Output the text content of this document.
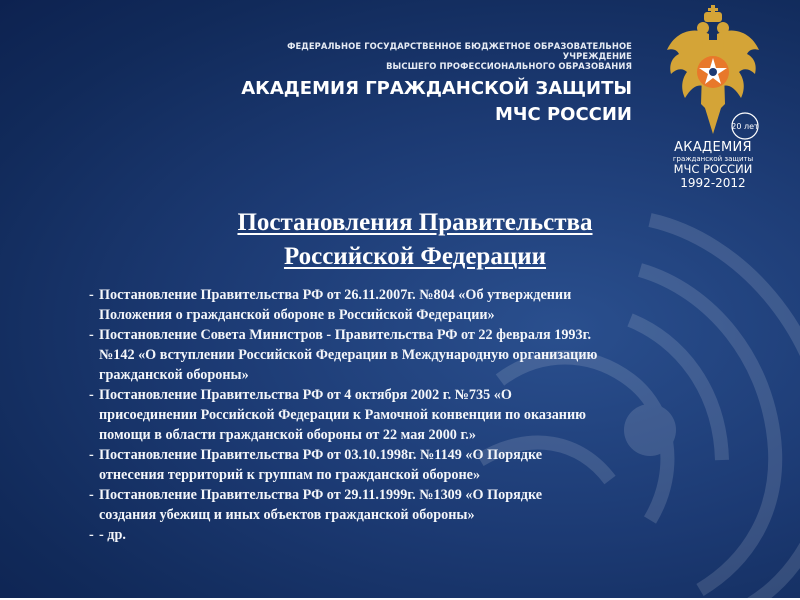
ФЕДЕРАЛЬНОЕ ГОСУДАРСТВЕННОЕ БЮДЖЕТНОЕ ОБРАЗОВАТЕЛЬНОЕ УЧРЕЖДЕНИЕ
ВЫСШЕГО ПРОФЕССИОНАЛЬНОГО ОБРАЗОВАНИЯ
АКАДЕМИЯ ГРАЖДАНСКОЙ ЗАЩИТЫ
МЧС РОССИИ
20 лет
АКАДЕМИЯ
гражданской защиты
МЧС РОССИИ
1992-2012
Постановления Правительства
Российской Федерации
- Постановление Правительства РФ от 26.11.2007г. №804 «Об утверждении
Положения о гражданской обороне в Российской Федерации»
- Постановление Совета Министров - Правительства РФ от 22 февраля 1993г.
№142 «О вступлении Российской Федерации в Международную организацию
гражданской обороны»
- Постановление Правительства РФ от 4 октября 2002 г. №735 «О
присоединении Российской Федерации к Рамочной конвенции по оказанию
помощи в области гражданской обороны от 22 мая 2000 г.»
- Постановление Правительства РФ от 03.10.1998г. №1149 «О Порядке
отнесения территорий к группам по гражданской обороне»
- Постановление Правительства РФ от 29.11.1999г. №1309 «О Порядке
создания убежищ и иных объектов гражданской обороны»
- - др.
